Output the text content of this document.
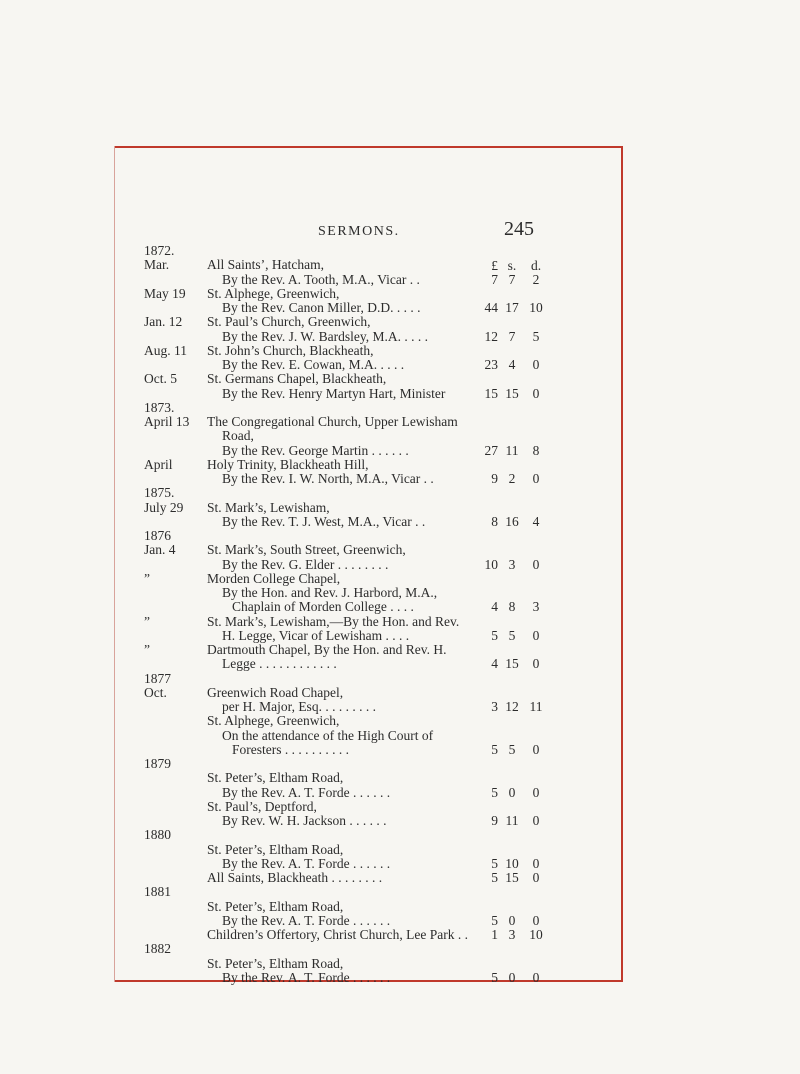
SERMONS.	245
£ s.	d.
1872.
Mar.	All Saints’, Hatcham,
By the Rev. A. Tooth, M.A., Vicar . .	7 7	2
May 19 St. Alphege, Greenwich,
By the Rev. Canon Miller, D.D. . . . .	44 17 10
Jan. 12 St. Paul’s Church, Greenwich,
By the Rev. J. W. Bardsley, M.A. . . . .	12 7	5
Aug. 11 St. John’s Church, Blackheath,
By the Rev. E. Cowan, M.A. . . . .	23 4	0
Oct. 5 St. Germans Chapel, Blackheath,
By the Rev. Henry Martyn Hart, Minister	15 15	0
1873.
April 13 The Congregational Church, Upper Lewisham
Road,
By the Rev. George Martin . . . . . .	27 11	8
April	Holy Trinity, Blackheath Hill,
By the Rev. I. W. North, M.A., Vicar . .	9 2	0
1875.
July 29 St. Mark’s, Lewisham,
By the Rev. T. J. West, M.A., Vicar . .	8 16	4
1876
Jan. 4 St. Mark’s, South Street, Greenwich,
By the Rev. G. Elder . . . . . . . .	10 3	0
”	Morden College Chapel,
By the Hon. and Rev. J. Harbord, M.A.,
Chaplain of Morden College . . . .	4 8	3
”	St. Mark’s, Lewisham,—By the Hon. and Rev.
H. Legge, Vicar of Lewisham . . . .	5 5	0
”	Dartmouth Chapel, By the Hon. and Rev. H.
Legge . . . . . . . . . . . .	4 15	0
1877
Oct.	Greenwich Road Chapel,
per H. Major, Esq. . . . . . . . .	3 12 11
St. Alphege, Greenwich,
On the attendance of the High Court of
Foresters . . . . . . . . . .	5 5	0
1879
St. Peter’s, Eltham Road,
By the Rev. A. T. Forde . . . . . .	5 0	0
St. Paul’s, Deptford,
By Rev. W. H. Jackson . . . . . .	9 11	0
1880
St. Peter’s, Eltham Road,
By the Rev. A. T. Forde . . . . . .	5 10	0
All Saints, Blackheath . . . . . . . .	5 15	0
1881
St. Peter’s, Eltham Road,
By the Rev. A. T. Forde . . . . . .	5 0	0
Children’s Offertory, Christ Church, Lee Park . .	1 3	10
1882
St. Peter’s, Eltham Road,
By the Rev. A. T. Forde . . . . . .	5 0	0
